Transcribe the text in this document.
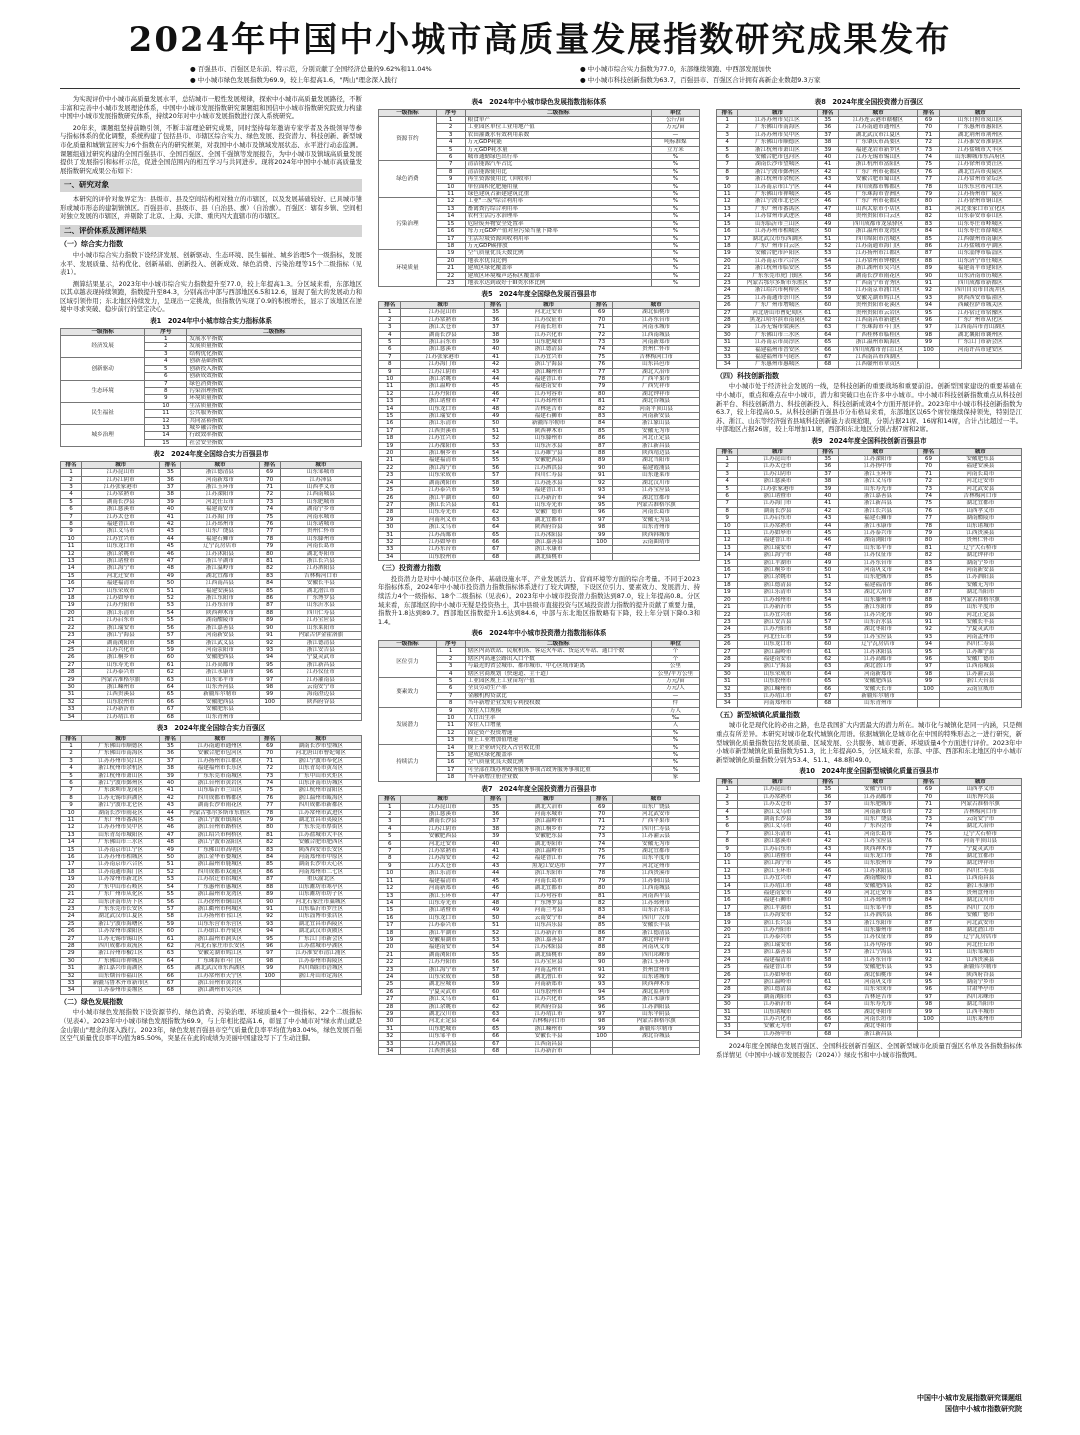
2024年中国中小城市高质量发展指数研究成果发布
● 百强县市、百强区是东前、特示范，分别贡献了全国经济总量的9.62%和11.04%	● 中小城市综合实力指数为77.0，东部继续领跑、中西部发展加快
● 中小城市绿色发展指数为69.9，较上年提高1.6，"两山"理念深入践行	● 中小城市科技创新指数为63.7，百强县市、百强区合计拥有高新企业数超9.3万家

为实现评价中小城市高质量发展水平，总结城市一般性发展规律，探索中小城市高质量发展路径，不断丰富和完善中小城市发展理论体系，中国中小城市发展指数研究课题组和国信中小城市指数研究院致力构建中国中小城市发展指数研究体系，持续20年对中小城市发展指数进行深入系统研究。

20年来，课题组坚持前瞻引领，不断丰富理论研究成果，同时坚持每年邀请专家学者及各级领导等参与指标体系的优化调整，系统构建了包括县市、市辖区综合实力、绿色发展、投资潜力、科技创新、新型城市化质量和城镇宜居实力6个指数在内的研究框架，对我国中小城市及镇域发展状态、水平进行动态监测。课题组通过研究构建的全国百强县市、全国百强区、全国千强镇等发展报告，为中小城市及镇域高质量发展提供了发展指引和标杆示范，促进全国范围内的相互学习与共同进步。现将2024年中国中小城市高质量发展指数研究成果公布如下：

一、研究对象

本研究的评价对象界定为：县级市、县及空间结构相对独立的市辖区，以及发展基础较好、已具城市雏形或城市形态的建制镇镇区。百强县市、县级市、县（自治县、旗）（自治旗）。百强区：辖有乡镇、空间相对独立发展的市辖区，并剔除了北京、上海、天津、重庆四大直辖市的市辖区。

二、评价体系及测评结果
（一）综合实力指数

中小城市综合实力指数下设经济发展、创新驱动、生态环境、民生福祉、城乡治理5个一级指标，发展水平、发展质量、结构优化、创新基础、创新投入、创新成效、绿色消费、污染治理等15个二级指标（见表1）。

测算结果显示，2023年中小城市综合实力指数提升至77.0，较上年提高1.3。分区域来看，东部地区以其卓越表现持续领跑，指数提升至84.3，分别高出中部与西部地区6.5和12.6，显现了强大的发展动力和区域引领作用；东北地区持续发力，呈现出一定挑战，但指数仍实现了0.9的积极增长，显示了该地区在逆境中寻求突破、稳步前行的坚定决心。

表1　2024年中小城市综合实力指标体系
一级指标	序号	二级指标
经济发展	1	发展水平指数
	2	发展质量指数
	3	结构优化指数
创新驱动	4	创新基础指数
	5	创新投入指数
	6	创新成效指数
生态环境	7	绿色消费指数
	8	污染治理指数
	9	环境质量指数
民生福祉	10	生活质量指数
	11	公共服务指数
	12	共同富裕指数
城乡治理	13	城乡融合指数
	14	行政效率指数
	15	社会安全指数
表2　2024年度全国综合实力百强县市
排名	城市	排名	城市	排名	城市
1	江苏昆山市	35	浙江德清县	69	山东邹城市
2	江苏江阴市	36	河南新郑市	70	江苏沛县
3	江苏张家港市	37	浙江玉环市	71	山西孝义市
4	江苏常熟市	38	江苏溧阳市	72	江西南城县
5	湖南长沙县	39	河北任丘市	73	山东肥城市
6	浙江慈溪市	40	福建南安市	74	湖南宁乡市
7	江苏太仓市	41	江苏海门市	75	河南永城市
8	福建晋江市	42	江苏邳州市	76	山东诸城市
9	浙江义乌市	43	山东广饶县	77	贵州仁怀市
10	江苏宜兴市	44	福建石狮市	78	山东滕州市
11	山东龙口市	45	辽宁瓦房店市	79	河南长葛市
12	浙江余姚市	46	江苏沭阳县	80	湖北枣阳市
13	浙江诸暨市	47	浙江平湖市	81	浙江长兴县
14	浙江海宁市	48	浙江温岭市	82	江苏泗阳县
15	河北迁安市	49	湖北宜都市	83	吉林梅河口市
16	福建福清市	50	江西南昌县	84	安徽长丰县
17	山东荣成市	51	福建安溪县	85	湖北潜江市
18	江苏如皋市	52	浙江东阳市	86	广东博罗县
19	江苏丹阳市	53	江苏东台市	87	山东沂水县
20	浙江乐清市	54	陕西神木市	88	四川仁寿县
21	江苏启东市	55	湖南醴陵市	89	江苏宝应县
22	浙江瑞安市	56	浙江嘉善县	90	山东莱阳市
23	浙江宁海县	57	河南新安县	91	内蒙古伊金霍洛旗
24	湖南浏阳市	58	浙江武义县	92	浙江德清县
25	江苏兴化市	59	河南荥阳市	93	浙江安吉县
26	浙江桐乡市	60	安徽肥西县	94	宁夏灵武市
27	山东寿光市	61	江苏高邮市	95	浙江新昌县
28	江苏泰兴市	62	浙江永康市	96	江苏仪征市
29	内蒙古准格尔旗	63	山东邹平市	97	江苏灌南县
30	浙江嵊州市	64	山东齐河县	98	云南安宁市
31	江西贵溪县	65	新疆库尔勒市	99	海南澄迈县
32	山东胶州市	66	安徽肥西县	100	陕西府谷县
33	江苏新沂市	67	安徽肥东县		
34	江苏靖江市	68	山东青州市		
表3　2024年度全国综合实力百强区
排名	城市	排名	城市	排名	城市
1	广东佛山市顺德区	35	江苏南通市通州区	69	湖南长沙市望城区
2	广东佛山市南海区	36	安徽合肥市包河区	70	河北唐山市曹妃甸区
3	江苏苏州市吴江区	37	江苏扬州市江都区	71	浙江宁波市奉化区
4	浙江杭州市余杭区	38	福建福州市长乐区	72	山东青岛市黄岛区
5	浙江杭州市萧山区	39	广东东莞市南城区	73	广东中山市火炬区
6	浙江宁波市鄞州区	40	浙江台州市黄岩区	74	山东济南市历城区
7	广东深圳市龙岗区	41	山东临沂市兰山区	75	浙江杭州市富阳区
8	江苏无锡市滨湖区	42	四川成都市郫都区	76	浙江温州市瓯海区
9	浙江宁波市北仑区	43	湖南长沙市雨花区	77	四川成都市新都区
10	湖南长沙市雨花区	44	内蒙古鄂尔多斯市东胜区	78	江苏常州市武进区
11	广东广州市番禺区	45	浙江宁波市镇海区	79	湖北宜昌市夷陵区
12	江苏苏州市吴中区	46	浙江台州市路桥区	80	广东东莞市厚街区
13	山东青岛市城阳区	47	浙江绍兴市柯桥区	81	江苏盐城市大丰区
14	广东佛山市三水区	48	浙江宁波市富阳区	82	安徽合肥市肥西区
15	江苏南京市江宁区	49	广东佛山市高明区	83	陕西西安市长安区
16	江苏苏州市相城区	50	浙江金华市婺城区	84	河南郑州市中原区
17	江苏南京市六合区	51	浙江温州市鹿城区	85	湖南长沙市天心区
18	江苏南通市海门区	52	四川成都市双流区	86	河南郑州市二七区
19	江苏常州市新北区	53	江苏宿迁市宿城区	87	重庆渝北区
20	广东中山市石岐区	54	广东惠州市惠城区	88	山东潍坊市寒亭区
21	广东广州市从化区	55	浙江温州市龙湾区	89	山东潍坊市坊子区
22	山东济南市历下区	56	江苏徐州市铜山区	90	河北石家庄市藁城区
23	广东东莞市长安区	57	浙江衢州市柯城区	91	山东临沂市罗庄区
24	湖北武汉市江夏区	58	江苏扬州市邗江区	92	山东淄博市张店区
25	浙江宁波市海曙区	59	山东东营市东营区	93	湖北宜昌市西陵区
26	江苏常州市溧阳区	60	江苏镇江市丹徒区	94	湖北武汉市黄陂区
27	江苏无锡市锡山区	61	浙江温州市洞头区	95	广东江门市新会区
28	四川成都市双流区	62	河北石家庄市长安区	96	江苏盐城市亭湖区
29	浙江台州市椒江区	63	安徽芜湖市鸠江区	97	江苏淮安市清江浦区
30	广东佛山市禅城区	64	广东珠海市斗门区	98	江苏泰州市海陵区
31	浙江嘉兴市南湖区	65	湖北武汉市东西湖区	99	四川绵阳市涪城区
32	山东烟台市福山区	66	江苏常州市天宁区	100	浙江舟山市定海区
33	新疆乌鲁木齐市新市区	67	浙江台州市黄岩区		
34	江苏泰州市姜堰区	68	浙江湖州市吴兴区		
（二）绿色发展指数

中小城市绿色发展指数下设资源节约、绿色消费、污染治理、环境质量4个一级指标、22个二级指标（见表4）。2023年中小城市绿色发展指数为69.9，与上年相比提高1.6，彰显了中小城市对"绿水青山就是金山银山"理念的深入践行。2023年，绿色发展百强县市空气质量优良率平均值为83.04%，绿色发展百强区空气质量优良率平均值为85.50%，突显在在此的成绩为美丽中国建设写下了生动注脚。

表4　2024年中小城市绿色发展指数指标体系
一级指标	序号	二级指标	单位
资源节约	1	粮食单产	公斤/亩
	2	工业园区单位工业用地产值	万元/亩
	3	农田灌溉水有效利用系数	—
	4	万元GDP耗能	吨标准煤
	5	万元GDP耗水量	立方米
	6	城市通勤绿色出行率	%
绿色消费	7	清洁能源汽车占比	%
	8	清洁能源使用比	%
	9	再生资源使用比（回收率）	%
	10	单位面积化肥施用量	%
	11	绿色建筑占新建建筑比重	%
污染治理	12	工业"三废"综合利用率	%
	13	畜禽粪污综合利用率	%
	14	农村生活污水治理率	%
	15	危险废弃物安全处置率	%
	16	每万元GDP产值对应污染当量下降率	%
	17	生活垃圾资源回收利用率	%
	18	万元GDP碳排放	%
环境质量	19	空气质量优良天数比例	%
	20	地表水优良比例	%
	21	建成区绿化覆盖率	%
	22	建成区环境噪声达标区覆盖率	%
	23	地表水达到或好于III类水体比例	%
表5　2024年度全国绿色发展百强县市
排名	城市	排名	城市	排名	城市
1	江苏昆山市	35	河北迁安市	69	湖北仙桃市
2	江苏常熟市	36	江苏仪征市	70	江苏东台市
3	浙江太仓市	37	河南长垣市	71	河南永城市
4	湖南长沙县	38	江苏兴化市	72	江西南城县
5	浙江启东市	39	山东肥城市	73	河南新郑市
6	浙江慈溪市	40	浙江德清县	74	贵州仁怀市
7	江苏张家港市	41	江苏宜兴市	75	吉林梅河口市
8	江苏海门市	42	浙江宁海县	76	山东昌邑市
9	江苏江阴市	43	浙江嵊州市	77	湖北大冶市
10	浙江余姚市	44	福建晋江市	78	广西平果市
11	浙江温岭市	45	福建南安市	79	广西凭祥市
12	江苏丹阳市	46	江苏句容市	80	湖北钟祥市
13	浙江诸暨市	47	江苏邳州市	81	湖北谷城县
14	山东龙口市	48	吉林延吉市	82	河南平顶山县
15	浙江瑞安市	49	福建石狮市	83	河南新安县
16	浙江乐清市	50	新疆库尔勒市	84	浙江象山县
17	江西贵溪市	51	陕西神木市	85	安徽无为市
18	江苏宜兴市	52	山东滕州市	86	河北正定县
19	江苏溧阳市	53	山东沂水县	87	浙江新昌县
20	浙江桐乡市	54	江苏睢宁县	88	陕西靖边县
21	福建福清市	55	安徽肥西县	89	湖北当阳市
22	浙江海宁市	56	江苏泗洪县	90	福建霞浦县
23	山东荣成市	57	四川仁寿县	91	山东蓬莱市
24	湖南浏阳市	58	江苏涟水县	92	湖北汉川市
25	江苏泰兴市	59	福建晋江市	93	江苏宝应县
26	浙江平湖市	60	江苏新沂市	94	湖北宜都市
27	浙江长兴县	61	山东寿光市	95	内蒙古准格尔旗
28	山东寿光市	62	安徽广德市	96	河南长葛市
29	河南巩义市	63	湖北宜都市	97	安徽无为县
30	浙江义乌市	64	陕西府谷县	98	山东青州市
31	江苏高邮市	65	江苏沭阳县	99	陕西韩城市
32	江苏如皋市	66	浙江嘉善县	100	云南曲靖市
33	江苏东台市	67	浙江永康市		
34	山东胶州市	68	湖北仙桃市		
（三）投资潜力指数

投资潜力是对中小城市区位条件、基础设施水平、产业发展活力、营商环境等方面的综合考量。不同于2023年指标体系，2024年中小城市投资潜力指数指标体系进行了较大调整，下设区位引力、要素效力、发展潜力、持续活力4个一级指标、18个二级指标（见表6）。2023年中小城市投资潜力指数达到87.0，较上年提高0.8。分区域来看，东部地区的中小城市无疑是投资热土，其中县级市直接投资与区域投资潜力指数的提升贡献了重要力量，指数升1.8达到89.7。西部地区指数提升1.6达到84.6，中部与东北地区指数略有下降，较上年分别下降0.3和1.4。

表6　2024年中小城市投资潜力指数指标体系
一级指标	序号	二级指标	单位
区位引力	1	辖区内高铁站、民航机场、客运火车站、货运火车站、通口个数	个
	2	辖区内高速公路出入口个数	个
	3	与最近的省会城市、都市城市、中心区域市距离	公里
	4	辖区营商规划（快速道、主干道）	公里/平方公里
要素效力	5	工业园区规上工业亩均产值	万元/亩
	6	全员劳动生产率	万元/人
	7	金融机构贷款比	—
	8	当年新增企业发明专利授权数	件
发展潜力	9	常住人口规模	万人
	10	人口出生率	‰
	11	常住人口增量	人
	12	固定资产投资增速	%
	13	规上工业增加值增速	%
持续活力	14	规上企业研究投入占营收比重	%
	15	建成区绿化覆盖率	%
	16	空气质量优良天数比例	%
	17	可全部在线办理政务服务事项占政务服务事项比重	%
	18	当年新增注册企业数	家
表7　2024年度全国投资潜力百强县市
排名	城市	排名	城市	排名	城市
1	江苏昆山市	35	湖北大冶市	69	山东广饶县
2	浙江慈溪市	36	河南永城市	70	河北武安市
3	湖南长沙县	37	浙江温岭市	71	广西平果市
4	江苏江阴市	38	浙江桐乡市	72	四川仁寿县
5	安徽肥西县	39	安徽肥东县	73	江苏灌云县
6	河北迁安市	40	湖北枣阳市	74	安徽无为市
7	江苏常熟市	41	浙江温岭市	75	湖北宜都市
8	江苏海安市	42	福建晋江市	76	山东平度市
9	江苏太仓市	43	黑龙江安达市	77	河北定州市
10	浙江乐清市	44	浙江东阳市	78	江西贵溪市
11	福建福清市	45	河南长葛市	79	江苏铜山县
12	河南新郑市	46	湖北宜都市	80	江西南城县
13	浙江玉环市	47	江苏句容市	81	河南西平县
14	山东寿光市	48	广东博罗县	82	江苏邳州市
15	浙江诸暨市	49	河南兰考县	83	山东沂水县
16	山东龙口市	50	云南安宁市	84	四川广汉市
17	江苏泰兴市	51	山东昌乐县	85	安徽长丰县
18	浙江平湖市	52	江苏新沂市	86	浙江德清县
19	安徽巢湖市	53	浙江嘉善县	87	湖北钟祥市
20	福建南安市	54	江苏沭阳县	88	河南巩义市
21	湖南浏阳市	55	湖北仙桃市	89	四川邛崃市
22	江苏丹阳市	56	江苏宝应县	90	浙江玉环市
23	浙江海宁市	57	河南孟州市	91	贵州盘州市
24	山东荣成市	58	湖北潜江市	92	山东诸城市
25	湖北应城市	59	河南新郑市	93	陕西神木市
26	宁夏灵武市	60	山东胶州市	94	湖北监利市
27	浙江义乌市	61	江苏兴化市	95	浙江永康市
28	浙江余姚市	62	陕西府谷县	96	江苏泗阳县
29	湖北汉川市	63	江苏靖江市	97	山东平阴县
30	河北正定县	64	吉林梅河口市	98	内蒙古准格尔旗
31	山东肥城市	65	浙江嵊州市	99	新疆库尔勒市
32	山东邹平市	66	安徽长丰县	100	湖北谷城县
33	江苏泗洪县	67	江西南昌县		
34	江西贵溪县	68	江苏新沂市		
表8　2024年度全国投资潜力百强区
排名	城市	排名	城市	排名	城市
1	江苏苏州市吴江区	35	江苏连云港市赣榆区	69	山东日照市岚山区
2	广东佛山市南海区	36	江苏南通市通州区	70	广东惠州市惠阳区
3	江苏苏州市吴中区	37	湖北武汉市江夏区	71	湖北荆州市荆州区
4	广东佛山市顺德区	38	广东肇庆市高要区	72	江苏淮安市淮阴区
5	浙江杭州市萧山区	39	福建龙岩市新罗区	73	江苏盐城市大丰区
6	安徽合肥市包河区	40	江苏无锡市锡山区	74	山东聊城市东昌府区
7	湖南长沙市望城区	41	浙江杭州市富阳区	75	江苏徐州市贾汪区
8	浙江宁波市鄞州区	42	广东广州市花都区	76	湖北宜昌市夷陵区
9	浙江杭州市余杭区	43	安徽合肥市蜀山区	77	江苏常州市金坛区
10	江苏南京市江宁区	44	四川成都市郫都区	78	山东东营市河口区
11	广东佛山市禅城区	45	广东珠海市香洲区	79	江苏扬州市广陵区
12	浙江宁波市北仑区	46	广东广州市花都区	80	江苏徐州市铜山区
13	广东广州市番禺区	47	山西太原市小店区	81	河北张家口市宣化区
14	江苏常州市武进区	48	贵州贵阳市白云区	82	山东泰安市泰山区
15	山东临沂市兰山区	49	四川成都市龙泉驿区	83	山东枣庄市峄城区
16	江苏苏州市相城区	50	浙江温州市龙湾区	84	山东枣庄市薛城区
17	湖北武汉市东西湖区	51	四川绵阳市涪城区	85	江西赣州市南康区
18	广东广州市白云区	52	江苏南通市海门区	86	江苏盐城市亭湖区
19	安徽合肥市庐阳区	53	江苏扬州市江都区	87	山东淄博市临淄区
20	江苏南京市六合区	54	江苏常州市钟楼区	88	山东济宁市任城区
21	浙江杭州市临安区	55	浙江湖州市吴兴区	89	福建南平市建阳区
22	广东东莞市虎门镇区	56	湖南长沙市雨花区	90	山东济南市历城区
23	内蒙古鄂尔多斯市东胜区	57	广西南宁市青秀区	91	四川成都市新都区
24	浙江绍兴市柯桥区	58	江苏南京市浦口区	92	四川自贡市自流井区
25	江苏南通市崇川区	59	安徽芜湖市鸠江区	93	陕西西安市临潼区
26	广东广州市增城区	60	贵州贵阳市花溪区	94	西藏拉萨市城关区
27	河北唐山市曹妃甸区	61	贵州贵阳市云岩区	95	江苏宿迁市宿豫区
28	黑龙江哈尔滨市南岗区	62	江西南昌市新建区	96	广东广州市从化区
29	江苏无锡市梁溪区	63	广东珠海市斗门区	97	江西南昌市青山湖区
30	广东佛山市三水区	64	广西桂林市临桂区	98	湖北襄阳市襄州区
31	江苏南京市高淳区	65	浙江温州市瓯海区	99	广东江门市新会区
32	福建福州市晋安区	66	四川成都市青白江区	100	河南许昌市建安区
33	福建福州市马尾区	67	江西南昌市西湖区		
34	广东惠州市惠城区	68	江西赣州市章贡区		
（四）科技创新指数

中小城市处于经济社会发展的一线，是科技创新的重要战场和重要前沿。创新型国家建设的重要基础在中小城市，重点和难点在中小城市，潜力和突破口也在许多中小城市。中小城市科技创新指数重点从科技创新平台、科技创新潜力、科技创新投入、科技创新成效4个方面开展评价。2023年中小城市科技创新指数为63.7，较上年提高0.5。从科技创新百强县市分布格局来看，东部地区以65个席位继续保持领先，特别是江苏、浙江、山东等经济强省县域科技创新能力表现抢眼，分别占据21席、16席和14席，合计占比超过一半。中部地区占据26席，较上年增加11席，西部和东北地区分别占据7席和2席。

表9　2024年度全国科技创新百强县市
排名	城市	排名	城市	排名	城市
1	江苏昆山市	35	江苏溧阳市	69	安徽肥东县
2	江苏太仓市	36	江苏扬中市	70	福建安溪县
3	江苏江阴市	37	浙江玉环市	71	河南长葛市
4	浙江慈溪市	38	浙江义乌市	72	河北迁安市
5	江苏张家港市	39	山东寿光市	73	河北武安县
6	浙江诸暨市	40	浙江嘉善县	74	吉林梅河口市
7	江苏海门市	41	浙江新昌县	75	湖北宜都市
8	湖南长沙县	42	浙江长兴县	76	山西孝义市
9	江苏启东市	43	福建石狮市	77	湖南醴陵市
10	江苏常熟市	44	浙江永康市	78	山东诸城市
11	江苏如皋市	45	江苏泰兴市	79	江西贵溪县
12	福建晋江市	46	湖南浏阳市	80	贵州仁怀市
13	浙江瑞安市	47	山东邹平市	81	辽宁大石桥市
14	浙江海宁市	48	江苏仪征市	82	湖北钟祥市
15	浙江平湖市	49	江苏东台市	83	湖南宁乡市
16	浙江桐乡市	50	河南巩义市	84	河南新安县
17	浙江余姚市	51	山东肥城市	85	江苏泗阳县
18	浙江德清县	52	福建福清市	86	安徽无为市
19	浙江乐清市	53	湖北大冶市	87	湖北当阳市
20	江苏邳州市	54	山东滕州市	88	内蒙古准格尔旗
21	江苏新沂市	55	浙江东阳市	89	山东平度市
22	江苏宜兴市	56	江苏兴化市	90	河北正定县
23	浙江安吉县	57	山东沂水县	91	安徽长丰县
24	江苏丹阳市	58	湖北枣阳市	92	宁夏灵武市
25	河北任丘市	59	江苏宝应县	93	河南孟州市
26	山东龙口市	60	辽宁瓦房店市	94	四川仁寿县
27	浙江温岭市	61	江苏沭阳县	95	江苏睢宁县
28	福建南安市	62	江苏高邮市	96	安徽广德市
29	浙江宁海县	63	湖北潜江市	97	江西南城县
30	山东荣成市	64	河南新郑市	98	江苏灌云县
31	山东胶州市	65	安徽肥西县	99	浙江天台县
32	浙江嵊州市	66	安徽天长市	100	云南宣威市
33	江苏靖江市	67	新疆库尔勒市		
34	河南郑州市	68	山东青州市		
（五）新型城镇化质量指数

城市化是现代化的必由之路，也是我国扩大内需最大的潜力所在。城市化与城镇化是同一内涵，只是侧重点有所差异。本研究对城市化取代城镇化用语。依据城镇化是城市化在中国的特殊形态之一进行研究，新型城镇化质量指数包括发展质量、区域发展、公共服务、城市更新、环境质量4个方面进行评价。2023年中小城市新型城镇化质量指数为51.3，比上年提高0.5，分区域来看，东部、中部、西部和东北地区的中小城市新型城镇化质量指数分别为53.4、51.1、48.8和49.0。

表10　2024年度全国新型城镇化质量百强县市
排名	城市	排名	城市	排名	城市
1	江苏昆山市	35	安徽宁国市	69	山西孝义市
2	江苏常熟市	36	江苏高邮市	70	山东博兴县
3	江苏太仓市	37	山东肥城市	71	内蒙古准格尔旗
4	浙江义乌市	38	河南新郑市	72	吉林梅河口市
5	湖南长沙县	39	山东广饶县	73	云南安宁市
6	浙江义乌市	40	广东四会市	74	湖北大冶市
7	浙江乐清市	41	河南长葛市	75	辽宁大石桥市
8	浙江慈溪市	42	江苏宝应县	76	河南平顶山县
9	江苏启东市	43	陕西神木市	77	宁夏灵武市
10	浙江诸暨市	44	山东龙口市	78	湖北宜都市
11	浙江海宁市	45	山东胶州市	79	湖北钟祥市
12	浙江玉环市	46	江苏沭阳县	80	四川仁寿县
13	江苏宜兴市	47	湖南醴陵市	81	江西南昌县
14	江苏靖江市	48	安徽肥西县	82	浙江永康市
15	福建南安市	49	河北迁安市	83	贵州盘州市
16	福建石狮市	50	江苏邳州市	84	湖北汉川市
17	浙江平湖市	51	山东邹平市	85	四川广汉市
18	江苏海安市	52	江苏泗洪县	86	安徽广德市
19	浙江长兴县	53	浙江东阳市	87	河北武安市
20	江苏丹阳市	54	山东滕州市	88	湖北潜江市
21	江苏泰兴市	55	江苏仪征市	89	辽宁瓦房店市
22	浙江瑞安市	56	江苏句容市	90	河北任丘市
23	浙江嘉善县	57	浙江宁海县	91	山东邹城市
24	福建福清市	58	江苏东台市	92	江西贵溪县
25	福建晋江市	59	安徽肥东县	93	新疆库尔勒市
26	江苏如皋市	60	湖北仙桃市	94	陕西府谷县
27	浙江温岭市	61	河南巩义市	95	湖南宁乡市
28	浙江德清县	62	山东荣成市	96	甘肃华亭市
29	湖南浏阳市	63	吉林延吉市	97	四川邛崃市
30	江苏新沂市	64	山东寿光市	98	湖北当阳市
31	山东诸城市	65	湖北枣阳市	99	江西丰城市
32	江苏兴化市	66	河南长垣市	100	山东莱州市
33	安徽无为市	67	湖北枣阳市		
34	江苏扬中市	68	浙江新昌县		

2024年度全国绿色发展百强区、全国科技创新百强区、全国新型城市化质量百强区名单及各指数指标体系详情见《中国中小城市发展报告（2024）》绿皮书和中小城市指数网。

中国中小城市发展指数研究课题组
国信中小城市指数研究院
